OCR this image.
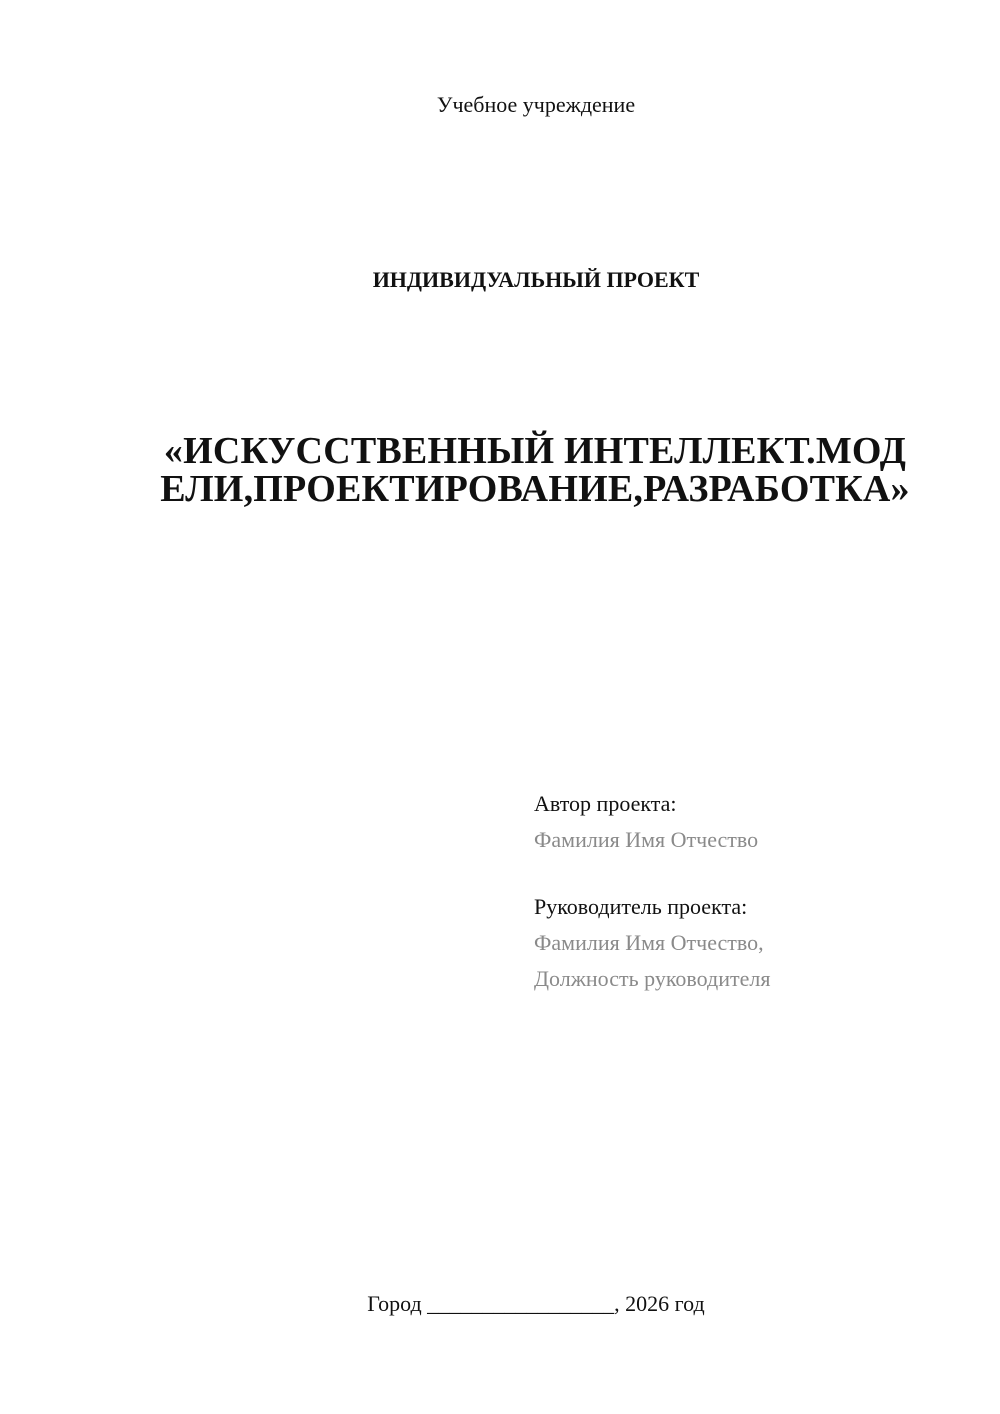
Учебное учреждение
ИНДИВИДУАЛЬНЫЙ ПРОЕКТ
«ИСКУССТВЕННЫЙ ИНТЕЛЛЕКТ.МОД
ЕЛИ,ПРОЕКТИРОВАНИЕ,РАЗРАБОТКА»
Автор проекта:
Фамилия Имя Отчество
Руководитель проекта:
Фамилия Имя Отчество,
Должность руководителя
Город _________________, 2026 год
